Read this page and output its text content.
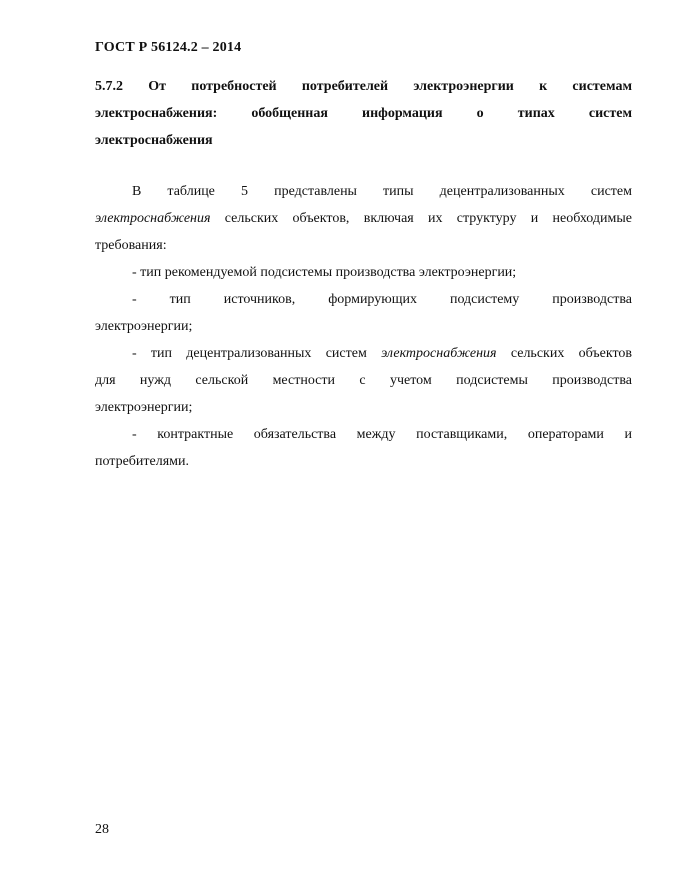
ГОСТ Р 56124.2 – 2014
5.7.2 От потребностей потребителей электроэнергии к системам
электроснабжения: обобщенная информация о типах систем
электроснабжения
В таблице 5 представлены типы децентрализованных систем
электроснабжения сельских объектов, включая их структуру и необходимые
требования:
- тип рекомендуемой подсистемы производства электроэнергии;
- тип источников, формирующих подсистему производства
электроэнергии;
- тип децентрализованных систем электроснабжения сельских объектов
для нужд сельской местности с учетом подсистемы производства
электроэнергии;
- контрактные обязательства между поставщиками, операторами и
потребителями.
28
